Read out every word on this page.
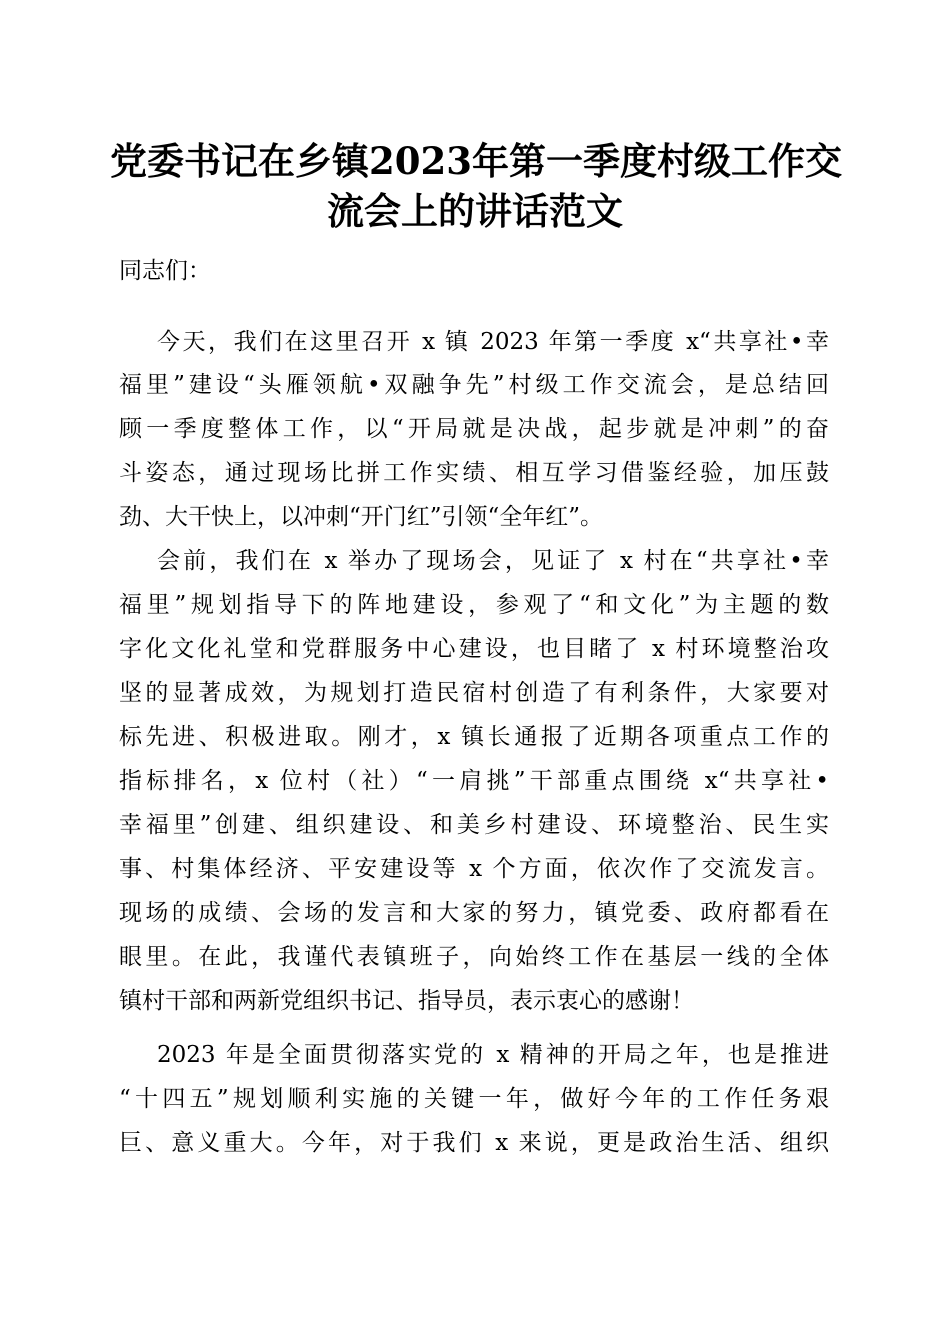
党委书记在乡镇2023年第一季度村级工作交
流会上的讲话范文

同志们：

今天，我们在这里召开 x 镇 2023 年第一季度 x“共享社•幸

福里”建设“头雁领航•双融争先”村级工作交流会，是总结回

顾一季度整体工作，以“开局就是决战，起步就是冲刺”的奋

斗姿态，通过现场比拼工作实绩、相互学习借鉴经验，加压鼓

劲、大干快上，以冲刺“开门红”引领“全年红”。

会前，我们在 x 举办了现场会，见证了 x 村在“共享社•幸

福里”规划指导下的阵地建设，参观了“和文化”为主题的数

字化文化礼堂和党群服务中心建设，也目睹了 x 村环境整治攻

坚的显著成效，为规划打造民宿村创造了有利条件，大家要对

标先进、积极进取。刚才，x 镇长通报了近期各项重点工作的

指标排名，x 位村（社）“一肩挑”干部重点围绕 x“共享社•

幸福里”创建、组织建设、和美乡村建设、环境整治、民生实

事、村集体经济、平安建设等 x 个方面，依次作了交流发言。

现场的成绩、会场的发言和大家的努力，镇党委、政府都看在

眼里。在此，我谨代表镇班子，向始终工作在基层一线的全体

镇村干部和两新党组织书记、指导员，表示衷心的感谢！

2023 年是全面贯彻落实党的 x 精神的开局之年，也是推进

“十四五”规划顺利实施的关键一年，做好今年的工作任务艰

巨、意义重大。今年，对于我们 x 来说，更是政治生活、组织
